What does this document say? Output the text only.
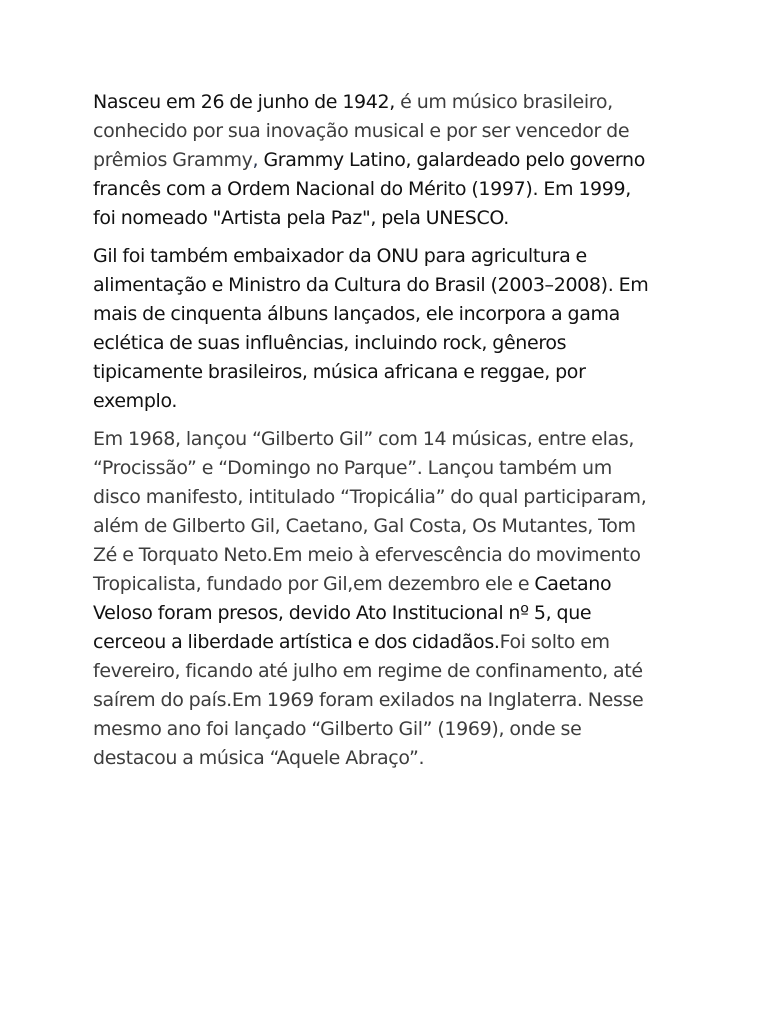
Nasceu em 26 de junho de 1942, é um músico brasileiro,
conhecido por sua inovação musical e por ser vencedor de
prêmios Grammy, Grammy Latino, galardeado pelo governo
francês com a Ordem Nacional do Mérito (1997). Em 1999,
foi nomeado "Artista pela Paz", pela UNESCO.

Gil foi também embaixador da ONU para agricultura e
alimentação e Ministro da Cultura do Brasil (2003–2008). Em
mais de cinquenta álbuns lançados, ele incorpora a gama
eclética de suas influências, incluindo rock, gêneros
tipicamente brasileiros, música africana e reggae, por
exemplo.

Em 1968, lançou “Gilberto Gil” com 14 músicas, entre elas,
“Procissão” e “Domingo no Parque”. Lançou também um
disco manifesto, intitulado “Tropicália” do qual participaram,
além de Gilberto Gil, Caetano, Gal Costa, Os Mutantes, Tom
Zé e Torquato Neto.Em meio à efervescência do movimento
Tropicalista, fundado por Gil,em dezembro ele e Caetano
Veloso foram presos, devido Ato Institucional nº 5, que
cerceou a liberdade artística e dos cidadãos.Foi solto em
fevereiro, ficando até julho em regime de confinamento, até
saírem do país.Em 1969 foram exilados na Inglaterra. Nesse
mesmo ano foi lançado “Gilberto Gil” (1969), onde se
destacou a música “Aquele Abraço”.
